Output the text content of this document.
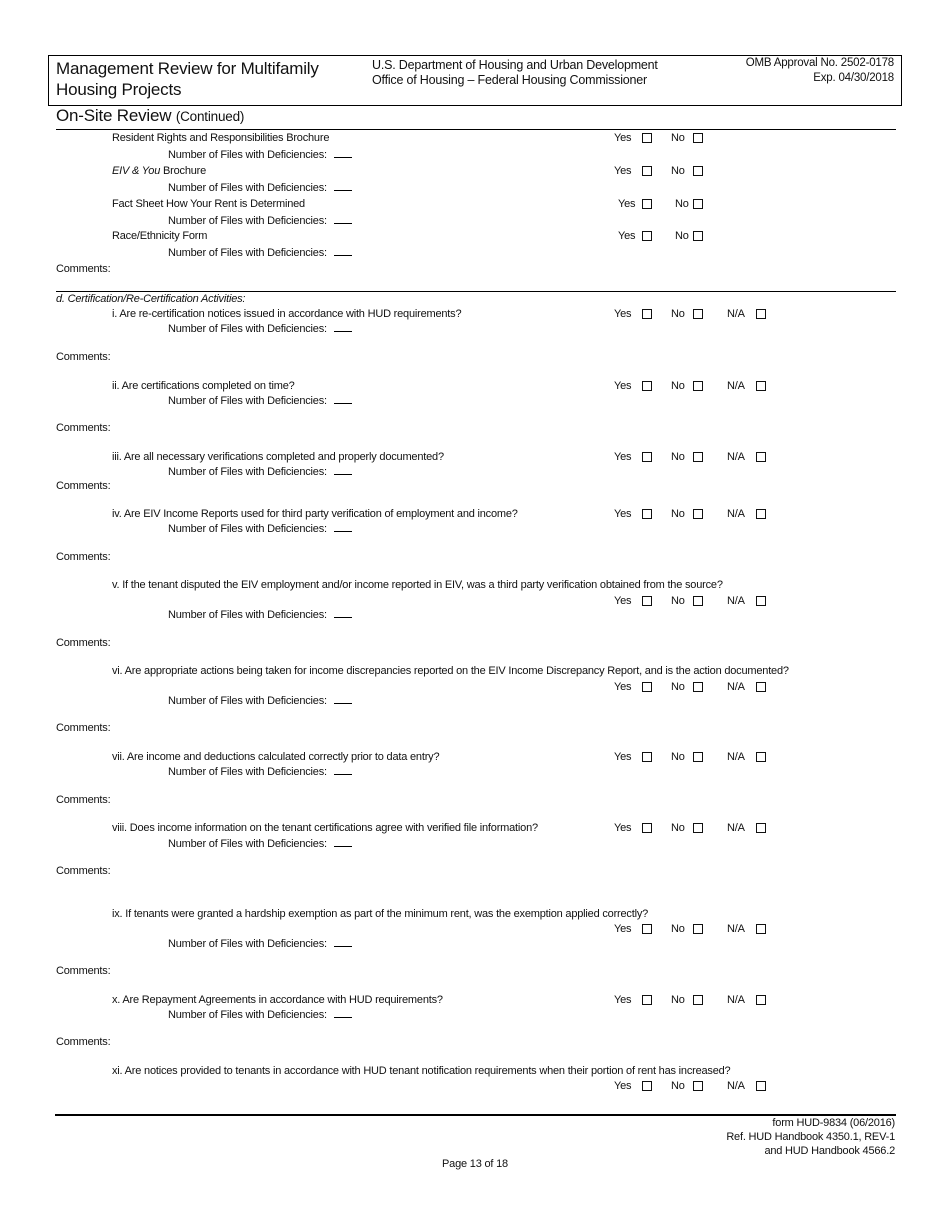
Management Review for Multifamily Housing Projects
U.S. Department of Housing and Urban Development
Office of Housing – Federal Housing Commissioner
OMB Approval No. 2502-0178
Exp. 04/30/2018
On-Site Review (Continued)
Resident Rights and Responsibilities Brochure	Yes	No
Number of Files with Deficiencies:
EIV & You Brochure	Yes	No
Number of Files with Deficiencies:
Fact Sheet How Your Rent is Determined	Yes	No
Number of Files with Deficiencies:
Race/Ethnicity Form	Yes	No
Number of Files with Deficiencies:
Comments:
d. Certification/Re-Certification Activities:
i. Are re-certification notices issued in accordance with HUD requirements?	Yes	No	N/A
Number of Files with Deficiencies:
Comments:
ii. Are certifications completed on time?	Yes	No	N/A
Number of Files with Deficiencies:
Comments:
iii. Are all necessary verifications completed and properly documented?	Yes	No	N/A
Number of Files with Deficiencies:
Comments:
iv. Are EIV Income Reports used for third party verification of employment and income?	Yes	No	N/A
Number of Files with Deficiencies:
Comments:
v. If the tenant disputed the EIV employment and/or income reported in EIV, was a third party verification obtained from the source?
Yes	No	N/A
Number of Files with Deficiencies:
Comments:
vi. Are appropriate actions being taken for income discrepancies reported on the EIV Income Discrepancy Report, and is the action documented?
Yes	No	N/A
Number of Files with Deficiencies:
Comments:
vii. Are income and deductions calculated correctly prior to data entry?	Yes	No	N/A
Number of Files with Deficiencies:
Comments:
viii. Does income information on the tenant certifications agree with verified file information?	Yes	No	N/A
Number of Files with Deficiencies:
Comments:
ix. If tenants were granted a hardship exemption as part of the minimum rent, was the exemption applied correctly?
Yes	No	N/A
Number of Files with Deficiencies:
Comments:
x. Are Repayment Agreements in accordance with HUD requirements?	Yes	No	N/A
Number of Files with Deficiencies:
Comments:
xi. Are notices provided to tenants in accordance with HUD tenant notification requirements when their portion of rent has increased?
Yes	No	N/A
form HUD-9834 (06/2016)
Ref. HUD Handbook 4350.1, REV-1
and HUD Handbook 4566.2
Page 13 of 18
